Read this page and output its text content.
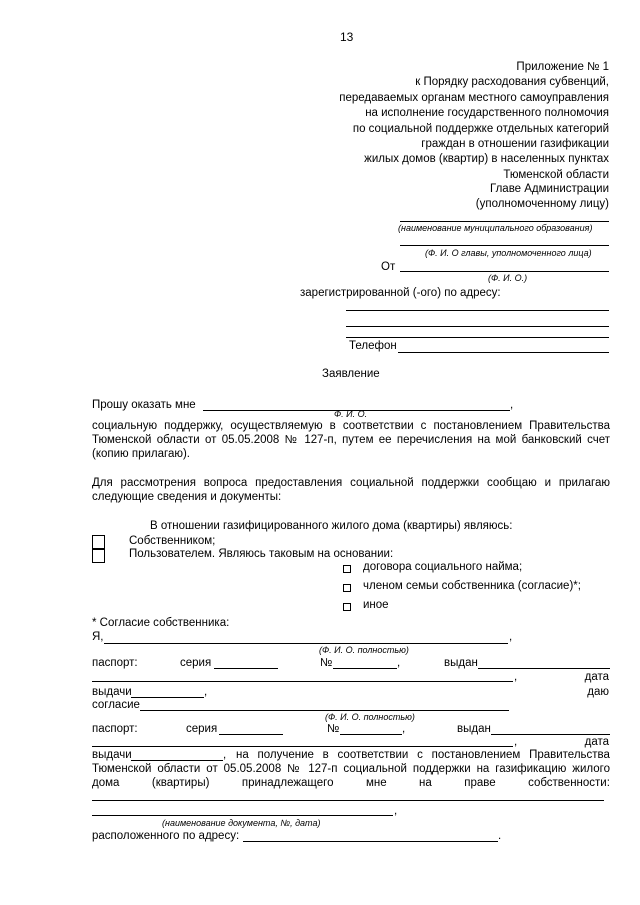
13
Приложение № 1
к Порядку расходования субвенций,
передаваемых органам местного самоуправления
на исполнение государственного полномочия
по социальной поддержке отдельных категорий
граждан в отношении газификации
жилых домов (квартир) в населенных пунктах
Тюменской области
Главе Администрации
(уполномоченному лицу)
(наименование муниципального образования)
(Ф. И. О главы, уполномоченного лица)
От
(Ф. И. О.)
зарегистрированной (-ого) по адресу:
Телефон
Заявление
Прошу оказать мне	,
Ф. И. О.
социальную поддержку, осуществляемую в соответствии с постановлением Правительства
Тюменской области от 05.05.2008 № 127-п, путем ее перечисления на мой банковский счет
(копию прилагаю).
Для рассмотрения вопроса предоставления социальной поддержки сообщаю и прилагаю
следующие сведения и документы:
В отношении газифицированного жилого дома (квартиры) являюсь:
Собственником;
Пользователем. Являюсь таковым на основании:
договора социального найма;
членом семьи собственника (согласие)*;
иное
* Согласие собственника:
Я,	,
(Ф. И. О. полностью)
паспорт:	серия	№	,	выдан
,	дата
выдачи	,	даю
согласие
(Ф. И. О. полностью)
паспорт:	серия	№	,	выдан
,	дата
выдачи	, на получение в соответствии с постановлением Правительства
Тюменской области от 05.05.2008 № 127-п социальной поддержки на газификацию жилого
дома	(квартиры)	принадлежащего	мне	на	праве	собственности:
,
(наименование документа, №, дата)
расположенного по адресу:	.
